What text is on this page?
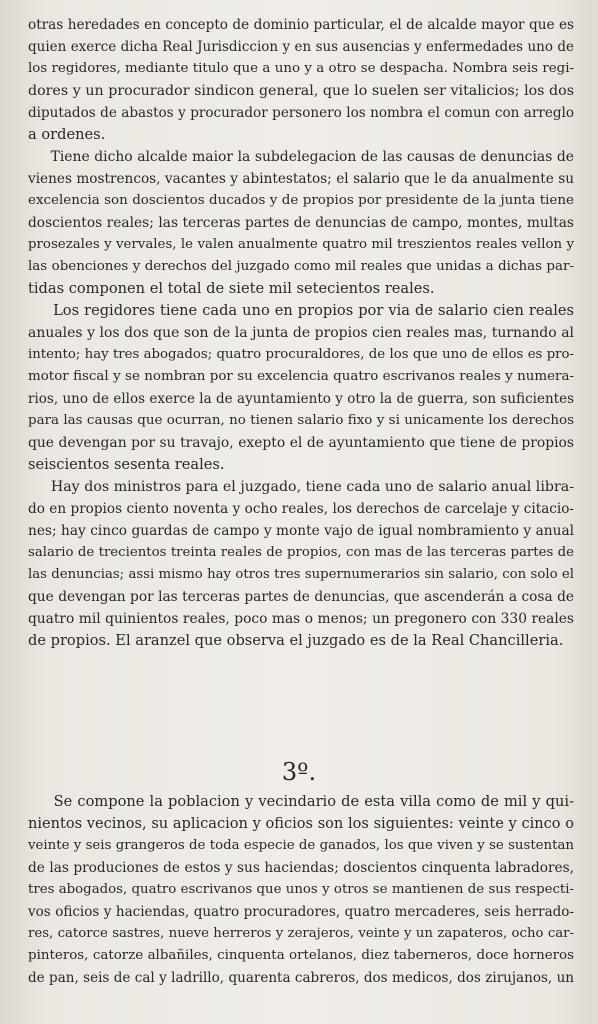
otras heredades en concepto de dominio particular, el de alcalde mayor que es
quien exerce dicha Real Jurisdiccion y en sus ausencias y enfermedades uno de
los regidores, mediante titulo que a uno y a otro se despacha. Nombra seis regi-
dores y un procurador sindicon general, que lo suelen ser vitalicios; los dos
diputados de abastos y procurador personero los nombra el comun con arreglo
a ordenes.
Tiene dicho alcalde maior la subdelegacion de las causas de denuncias de
vienes mostrencos, vacantes y abintestatos; el salario que le da anualmente su
excelencia son doscientos ducados y de propios por presidente de la junta tiene
doscientos reales; las terceras partes de denuncias de campo, montes, multas
prosezales y vervales, le valen anualmente quatro mil treszientos reales vellon y
las obenciones y derechos del juzgado como mil reales que unidas a dichas par-
tidas componen el total de siete mil setecientos reales.
Los regidores tiene cada uno en propios por via de salario cien reales
anuales y los dos que son de la junta de propios cien reales mas, turnando al
intento; hay tres abogados; quatro procuraldores, de los que uno de ellos es pro-
motor fiscal y se nombran por su excelencia quatro escrivanos reales y numera-
rios, uno de ellos exerce la de ayuntamiento y otro la de guerra, son suficientes
para las causas que ocurran, no tienen salario fixo y si unicamente los derechos
que devengan por su travajo, exepto el de ayuntamiento que tiene de propios
seiscientos sesenta reales.
Hay dos ministros para el juzgado, tiene cada uno de salario anual libra-
do en propios ciento noventa y ocho reales, los derechos de carcelaje y citacio-
nes; hay cinco guardas de campo y monte vajo de igual nombramiento y anual
salario de trecientos treinta reales de propios, con mas de las terceras partes de
las denuncias; assi mismo hay otros tres supernumerarios sin salario, con solo el
que devengan por las terceras partes de denuncias, que ascenderán a cosa de
quatro mil quinientos reales, poco mas o menos; un pregonero con 330 reales
de propios. El aranzel que observa el juzgado es de la Real Chancilleria.
3º.
Se compone la poblacion y vecindario de esta villa como de mil y qui-
nientos vecinos, su aplicacion y oficios son los siguientes: veinte y cinco o
veinte y seis grangeros de toda especie de ganados, los que viven y se sustentan
de las produciones de estos y sus haciendas; doscientos cinquenta labradores,
tres abogados, quatro escrivanos que unos y otros se mantienen de sus respecti-
vos oficios y haciendas, quatro procuradores, quatro mercaderes, seis herrado-
res, catorce sastres, nueve herreros y zerajeros, veinte y un zapateros, ocho car-
pinteros, catorze albañiles, cinquenta ortelanos, diez taberneros, doce horneros
de pan, seis de cal y ladrillo, quarenta cabreros, dos medicos, dos zirujanos, un
